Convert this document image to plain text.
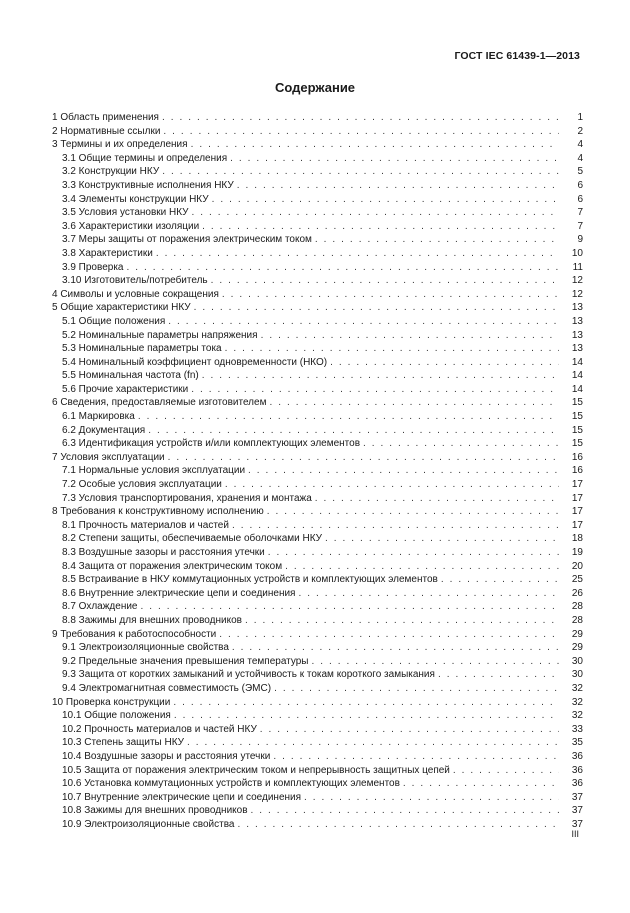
ГОСТ IEC 61439-1—2013
Содержание
1 Область применения . . .	1
2 Нормативные ссылки . . .	2
3 Термины и их определения . . .	4
3.1 Общие термины и определения . . .	4
3.2 Конструкции НКУ . . .	5
3.3 Конструктивные исполнения НКУ . . .	6
3.4 Элементы конструкции НКУ . . .	6
3.5 Условия установки НКУ . . .	7
3.6 Характеристики изоляции . . .	7
3.7 Меры защиты от поражения электрическим током . . .	9
3.8 Характеристики . . .	10
3.9 Проверка . . .	11
3.10 Изготовитель/потребитель . . .	12
4 Символы и условные сокращения . . .	12
5 Общие характеристики НКУ . . .	13
5.1 Общие положения . . .	13
5.2 Номинальные параметры напряжения . . .	13
5.3 Номинальные параметры тока . . .	13
5.4 Номинальный коэффициент одновременности (НКО) . . .	14
5.5 Номинальная частота (fn) . . .	14
5.6 Прочие характеристики . . .	14
6 Сведения, предоставляемые изготовителем . . .	15
6.1 Маркировка . . .	15
6.2 Документация . . .	15
6.3 Идентификация устройств и/или комплектующих элементов . . .	15
7 Условия эксплуатации . . .	16
7.1 Нормальные условия эксплуатации . . .	16
7.2 Особые условия эксплуатации . . .	17
7.3 Условия транспортирования, хранения и монтажа . . .	17
8 Требования к конструктивному исполнению . . .	17
8.1 Прочность материалов и частей . . .	17
8.2 Степени защиты, обеспечиваемые оболочками НКУ . . .	18
8.3 Воздушные зазоры и расстояния утечки . . .	19
8.4 Защита от поражения электрическим током . . .	20
8.5 Встраивание в НКУ коммутационных устройств и комплектующих элементов . . .	25
8.6 Внутренние электрические цепи и соединения . . .	26
8.7 Охлаждение . . .	28
8.8 Зажимы для внешних проводников . . .	28
9 Требования к работоспособности . . .	29
9.1 Электроизоляционные свойства . . .	29
9.2 Предельные значения превышения температуры . . .	30
9.3 Защита от коротких замыканий и устойчивость к токам короткого замыкания . . .	30
9.4 Электромагнитная совместимость (ЭМС) . . .	32
10 Проверка конструкции . . .	32
10.1 Общие положения . . .	32
10.2 Прочность материалов и частей НКУ . . .	33
10.3 Степень защиты НКУ . . .	35
10.4 Воздушные зазоры и расстояния утечки . . .	36
10.5 Защита от поражения электрическим током и непрерывность защитных цепей . . .	36
10.6 Установка коммутационных устройств и комплектующих элементов . . .	36
10.7 Внутренние электрические цепи и соединения . . .	37
10.8 Зажимы для внешних проводников . . .	37
10.9 Электроизоляционные свойства . . .	37
III
